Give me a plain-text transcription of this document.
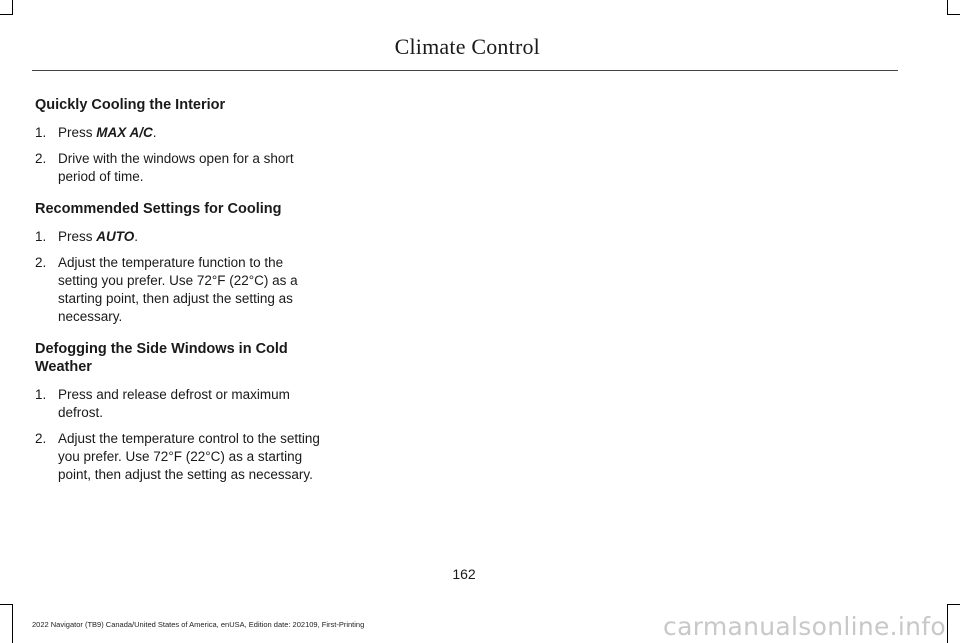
Climate Control
Quickly Cooling the Interior
1. Press MAX A/C.
2. Drive with the windows open for a short period of time.
Recommended Settings for Cooling
1. Press AUTO.
2. Adjust the temperature function to the setting you prefer. Use 72°F (22°C) as a starting point, then adjust the setting as necessary.
Defogging the Side Windows in Cold Weather
1. Press and release defrost or maximum defrost.
2. Adjust the temperature control to the setting you prefer. Use 72°F (22°C) as a starting point, then adjust the setting as necessary.
162
2022 Navigator (TB9) Canada/United States of America, enUSA, Edition date: 202109, First-Printing	carmanualsonline.info
